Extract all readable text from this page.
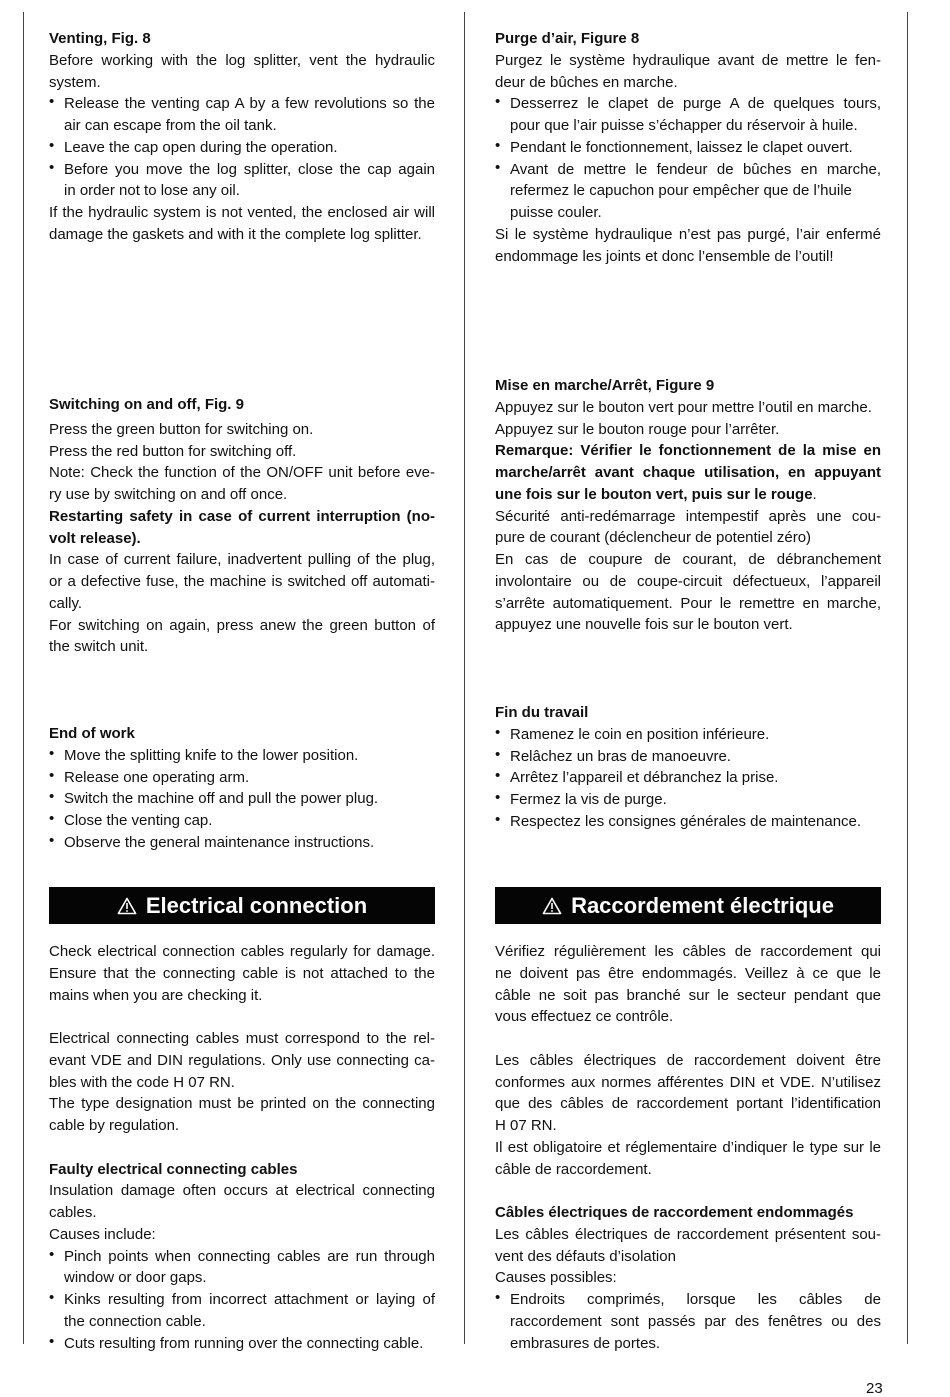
Venting, Fig. 8
Before working with the log splitter, vent the hydraulic
system.
• Release the venting cap A by a few revolutions so the
air can escape from the oil tank.
• Leave the cap open during the operation.
• Before you move the log splitter, close the cap again
in order not to lose any oil.
If the hydraulic system is not vented, the enclosed air will
damage the gaskets and with it the complete log splitter.
Switching on and off, Fig. 9
Press the green button for switching on.
Press the red button for switching off.
Note: Check the function of the ON/OFF unit before eve-
ry use by switching on and off once.
Restarting safety in case of current interruption (no-
volt release).
In case of current failure, inadvertent pulling of the plug,
or a defective fuse, the machine is switched off automati-
cally.
For switching on again, press anew the green button of
the switch unit.
End of work
• Move the splitting knife to the lower position.
• Release one operating arm.
• Switch the machine off and pull the power plug.
• Close the venting cap.
• Observe the general maintenance instructions.
Electrical connection
Check electrical connection cables regularly for damage.
Ensure that the connecting cable is not attached to the
mains when you are checking it.

Electrical connecting cables must correspond to the rel-
evant VDE and DIN regulations. Only use connecting ca-
bles with the code H 07 RN.
The type designation must be printed on the connecting
cable by regulation.

Faulty electrical connecting cables
Insulation damage often occurs at electrical connecting
cables.
Causes include:
• Pinch points when connecting cables are run through
window or door gaps.
• Kinks resulting from incorrect attachment or laying of
the connection cable.
• Cuts resulting from running over the connecting cable.
Purge d’air, Figure 8
Purgez le système hydraulique avant de mettre le fen-
deur de bûches en marche.
• Desserrez le clapet de purge A de quelques tours,
pour que l’air puisse s’échapper du réservoir à huile.
• Pendant le fonctionnement, laissez le clapet ouvert.
• Avant de mettre le fendeur de bûches en marche,
refermez le capuchon pour empêcher que de l’huile
puisse couler.
Si le système hydraulique n’est pas purgé, l’air enfermé
endommage les joints et donc l’ensemble de l’outil!
Mise en marche/Arrêt, Figure 9
Appuyez sur le bouton vert pour mettre l’outil en marche.
Appuyez sur le bouton rouge pour l’arrêter.
Remarque: Vérifier le fonctionnement de la mise en
marche/arrêt avant chaque utilisation, en appuyant
une fois sur le bouton vert, puis sur le rouge.
Sécurité anti-redémarrage intempestif après une cou-
pure de courant (déclencheur de potentiel zéro)
En cas de coupure de courant, de débranchement
involontaire ou de coupe-circuit défectueux, l’appareil
s’arrête automatiquement. Pour le remettre en marche,
appuyez une nouvelle fois sur le bouton vert.
Fin du travail
• Ramenez le coin en position inférieure.
• Relâchez un bras de manoeuvre.
• Arrêtez l’appareil et débranchez la prise.
• Fermez la vis de purge.
• Respectez les consignes générales de maintenance.
Raccordement électrique
Vérifiez régulièrement les câbles de raccordement qui
ne doivent pas être endommagés. Veillez à ce que le
câble ne soit pas branché sur le secteur pendant que
vous effectuez ce contrôle.

Les câbles électriques de raccordement doivent être
conformes aux normes afférentes DIN et VDE. N’utilisez
que des câbles de raccordement portant l’identification
H 07 RN.
Il est obligatoire et réglementaire d’indiquer le type sur le
câble de raccordement.

Câbles électriques de raccordement endommagés
Les câbles électriques de raccordement présentent sou-
vent des défauts d’isolation
Causes possibles:
• Endroits comprimés, lorsque les câbles de
raccordement sont passés par des fenêtres ou des
embrasures de portes.
23
